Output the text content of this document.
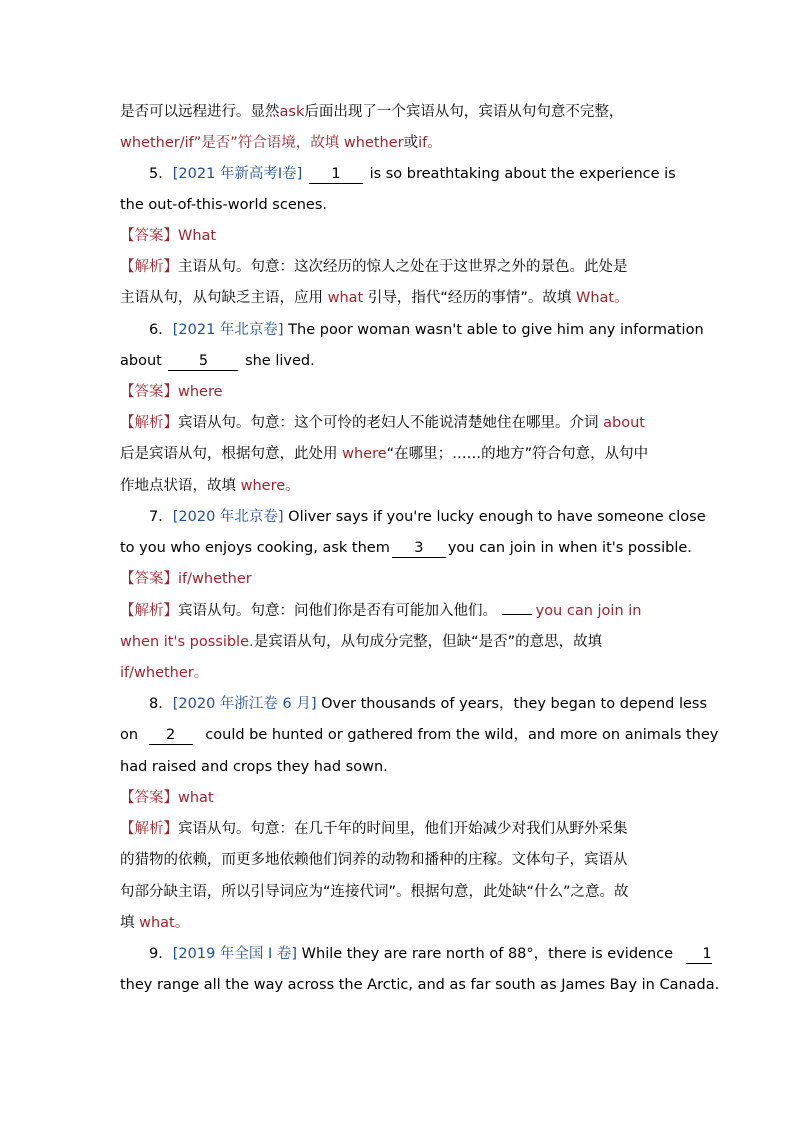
是否可以远程进行。显然ask后面出现了一个宾语从句，宾语从句句意不完整，
whether/if”是否”符合语境，故填 whether或if。
5．[2021 年新高考Ⅰ卷] 1 is so breathtaking about the experience is
the out-of-this-world scenes.
【答案】What
【解析】主语从句。句意：这次经历的惊人之处在于这世界之外的景色。此处是
主语从句，从句缺乏主语，应用 what 引导，指代“经历的事情”。故填 What。
6．[2021 年北京卷] The poor woman wasn't able to give him any information
about	5	she lived.
【答案】where
【解析】宾语从句。句意：这个可怜的老妇人不能说清楚她住在哪里。介词 about
后是宾语从句，根据句意，此处用 where“在哪里；……的地方”符合句意，从句中
作地点状语，故填 where。
7．[2020 年北京卷] Oliver says if you're lucky enough to have someone close
to you who enjoys cooking, ask them 3 you can join in when it's possible.
【答案】if/whether
【解析】宾语从句。句意：问他们你是否有可能加入他们。	you can join in
when it's possible.是宾语从句，从句成分完整，但缺“是否”的意思，故填
if/whether。
8．[2020 年浙江卷 6 月] Over thousands of years，they began to depend less
on 2 could be hunted or gathered from the wild，and more on animals they
had raised and crops they had sown.
【答案】what
【解析】宾语从句。句意：在几千年的时间里，他们开始减少对我们从野外采集
的猎物的依赖，而更多地依赖他们饲养的动物和播种的庄稼。文体句子，宾语从
句部分缺主语，所以引导词应为“连接代词”。根据句意，此处缺“什么”之意。故
填 what。
9．[2019 年全国 I 卷] While they are rare north of 88°，there is evidence 1
they range all the way across the Arctic, and as far south as James Bay in Canada.
